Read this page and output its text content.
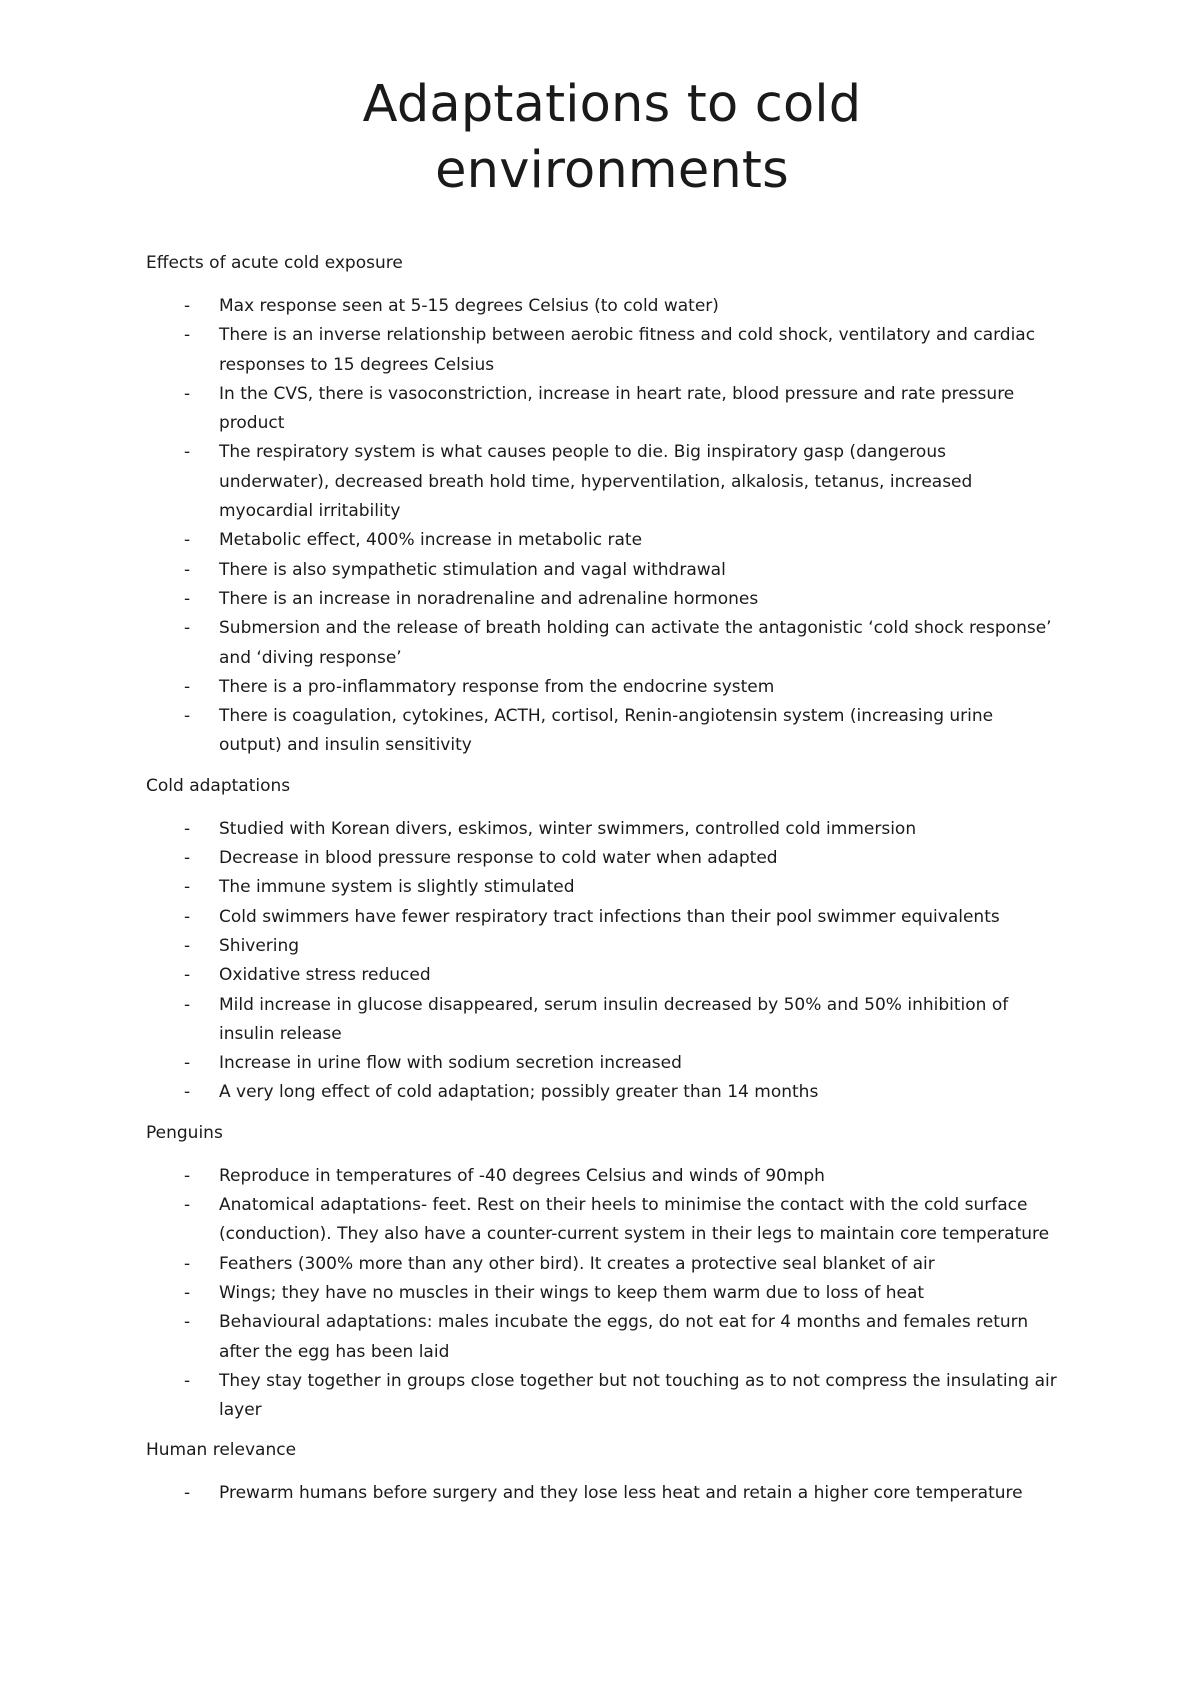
Adaptations to cold
environments

Effects of acute cold exposure

- Max response seen at 5-15 degrees Celsius (to cold water)
- There is an inverse relationship between aerobic fitness and cold shock, ventilatory and cardiac responses to 15 degrees Celsius
- In the CVS, there is vasoconstriction, increase in heart rate, blood pressure and rate pressure product
- The respiratory system is what causes people to die. Big inspiratory gasp (dangerous underwater), decreased breath hold time, hyperventilation, alkalosis, tetanus, increased myocardial irritability
- Metabolic effect, 400% increase in metabolic rate
- There is also sympathetic stimulation and vagal withdrawal
- There is an increase in noradrenaline and adrenaline hormones
- Submersion and the release of breath holding can activate the antagonistic ‘cold shock response’ and ‘diving response’
- There is a pro-inflammatory response from the endocrine system
- There is coagulation, cytokines, ACTH, cortisol, Renin-angiotensin system (increasing urine output) and insulin sensitivity

Cold adaptations

- Studied with Korean divers, eskimos, winter swimmers, controlled cold immersion
- Decrease in blood pressure response to cold water when adapted
- The immune system is slightly stimulated
- Cold swimmers have fewer respiratory tract infections than their pool swimmer equivalents
- Shivering
- Oxidative stress reduced
- Mild increase in glucose disappeared, serum insulin decreased by 50% and 50% inhibition of insulin release
- Increase in urine flow with sodium secretion increased
- A very long effect of cold adaptation; possibly greater than 14 months

Penguins

- Reproduce in temperatures of -40 degrees Celsius and winds of 90mph
- Anatomical adaptations- feet. Rest on their heels to minimise the contact with the cold surface (conduction). They also have a counter-current system in their legs to maintain core temperature
- Feathers (300% more than any other bird). It creates a protective seal blanket of air
- Wings; they have no muscles in their wings to keep them warm due to loss of heat
- Behavioural adaptations: males incubate the eggs, do not eat for 4 months and females return after the egg has been laid
- They stay together in groups close together but not touching as to not compress the insulating air layer

Human relevance

- Prewarm humans before surgery and they lose less heat and retain a higher core temperature
